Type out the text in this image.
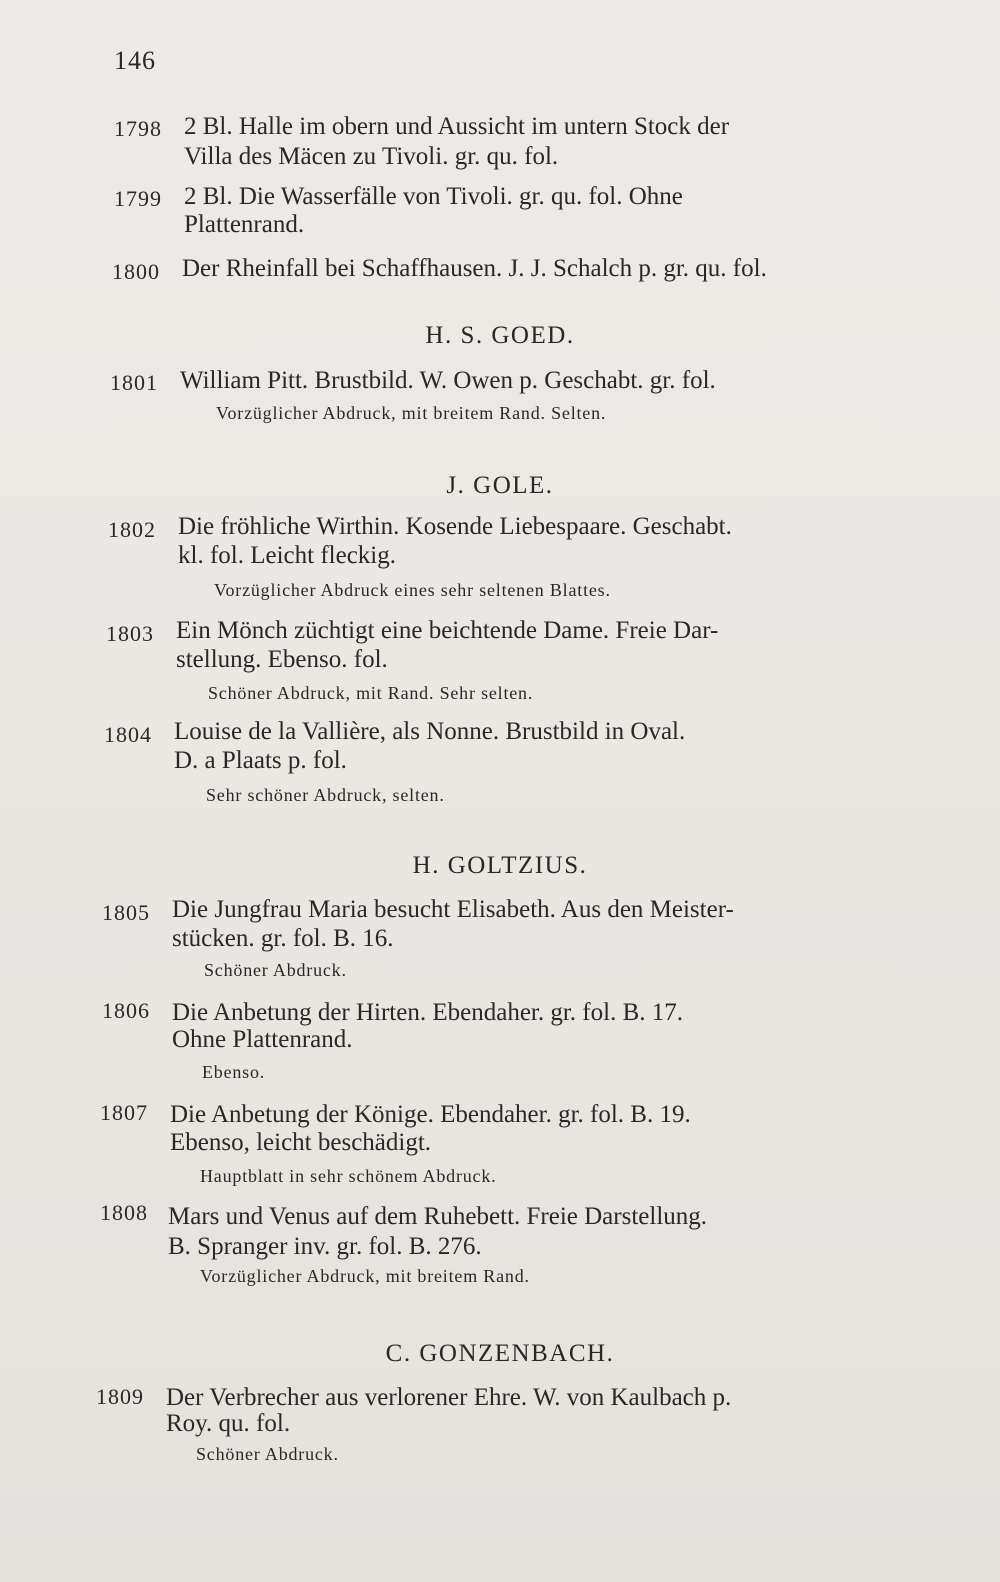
146
1798 2 Bl. Halle im obern und Aussicht im untern Stock der
Villa des Mäcen zu Tivoli. gr. qu. fol.
1799 2 Bl. Die Wasserfälle von Tivoli. gr. qu. fol. Ohne
Plattenrand.
1800 Der Rheinfall bei Schaffhausen. J. J. Schalch p. gr. qu. fol.
H. S. GOED.
1801 William Pitt. Brustbild. W. Owen p. Geschabt. gr. fol.
Vorzüglicher Abdruck, mit breitem Rand. Selten.
J. GOLE.
1802 Die fröhliche Wirthin. Kosende Liebespaare. Geschabt.
kl. fol. Leicht fleckig.
Vorzüglicher Abdruck eines sehr seltenen Blattes.
1803 Ein Mönch züchtigt eine beichtende Dame. Freie Dar-
stellung. Ebenso. fol.
Schöner Abdruck, mit Rand. Sehr selten.
1804 Louise de la Vallière, als Nonne. Brustbild in Oval.
D. a Plaats p. fol.
Sehr schöner Abdruck, selten.
H. GOLTZIUS.
1805 Die Jungfrau Maria besucht Elisabeth. Aus den Meister-
stücken. gr. fol. B. 16.
Schöner Abdruck.
1806 Die Anbetung der Hirten. Ebendaher. gr. fol. B. 17.
Ohne Plattenrand.
Ebenso.
1807 Die Anbetung der Könige. Ebendaher. gr. fol. B. 19.
Ebenso, leicht beschädigt.
Hauptblatt in sehr schönem Abdruck.
1808 Mars und Venus auf dem Ruhebett. Freie Darstellung.
B. Spranger inv. gr. fol. B. 276.
Vorzüglicher Abdruck, mit breitem Rand.
C. GONZENBACH.
1809 Der Verbrecher aus verlorener Ehre. W. von Kaulbach p.
Roy. qu. fol.
Schöner Abdruck.
